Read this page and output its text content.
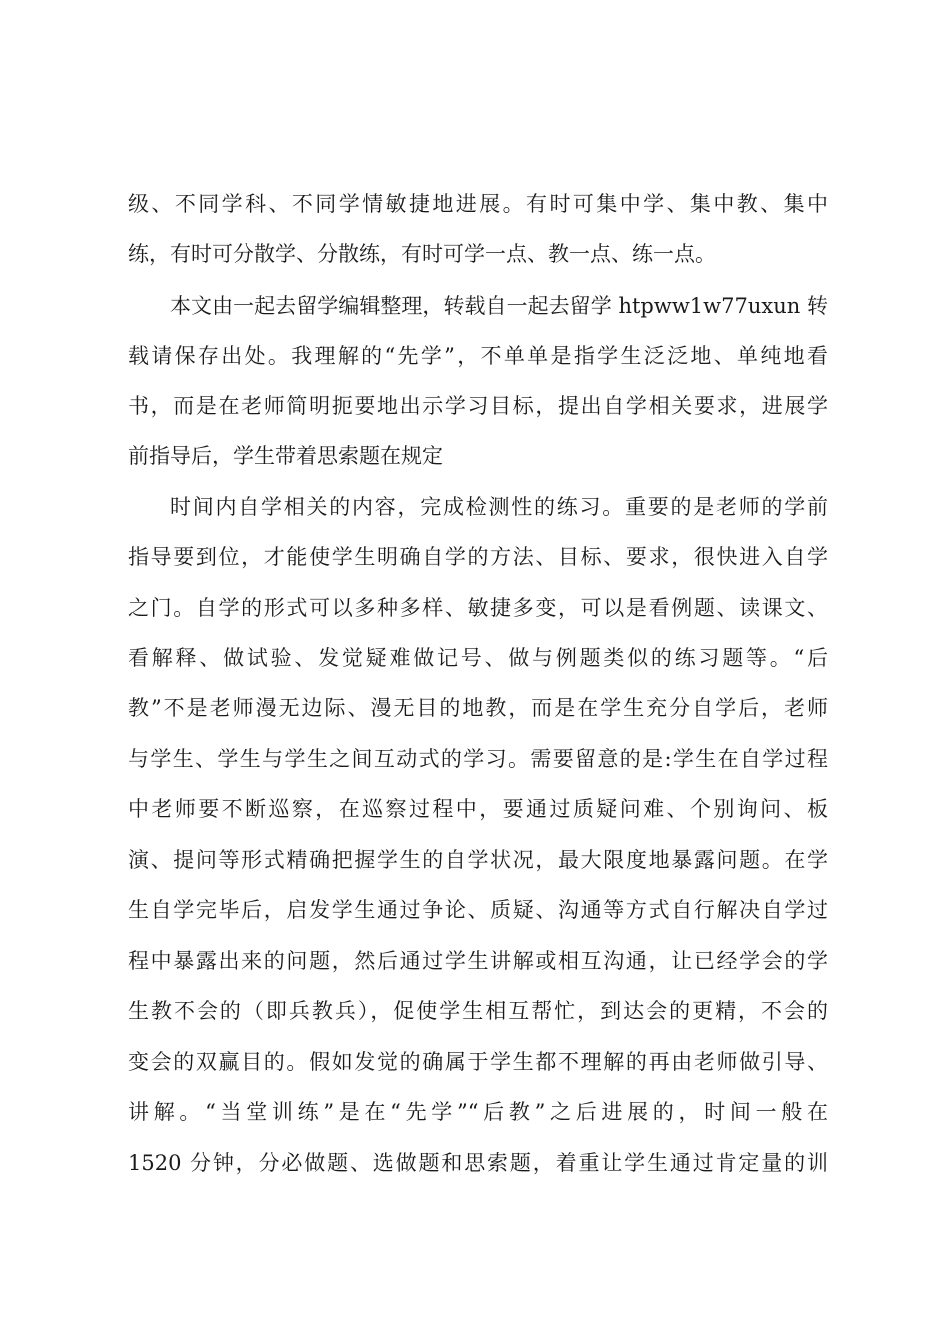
级、不同学科、不同学情敏捷地进展。有时可集中学、集中教、集中
练，有时可分散学、分散练，有时可学一点、教一点、练一点。
本文由一起去留学编辑整理，转载自一起去留学 htpww1w77uxun 转
载请保存出处。我理解的“先学”，不单单是指学生泛泛地、单纯地看
书，而是在老师简明扼要地出示学习目标，提出自学相关要求，进展学
前指导后，学生带着思索题在规定
时间内自学相关的内容，完成检测性的练习。重要的是老师的学前
指导要到位，才能使学生明确自学的方法、目标、要求，很快进入自学
之门。自学的形式可以多种多样、敏捷多变，可以是看例题、读课文、
看解释、做试验、发觉疑难做记号、做与例题类似的练习题等。“后
教”不是老师漫无边际、漫无目的地教，而是在学生充分自学后，老师
与学生、学生与学生之间互动式的学习。需要留意的是:学生在自学过程
中老师要不断巡察，在巡察过程中，要通过质疑问难、个别询问、板
演、提问等形式精确把握学生的自学状况，最大限度地暴露问题。在学
生自学完毕后，启发学生通过争论、质疑、沟通等方式自行解决自学过
程中暴露出来的问题，然后通过学生讲解或相互沟通，让已经学会的学
生教不会的（即兵教兵），促使学生相互帮忙，到达会的更精，不会的
变会的双赢目的。假如发觉的确属于学生都不理解的再由老师做引导、
讲解。“当堂训练”是在“先学”“后教”之后进展的，时间一般在
1520 分钟，分必做题、选做题和思索题，着重让学生通过肯定量的训
